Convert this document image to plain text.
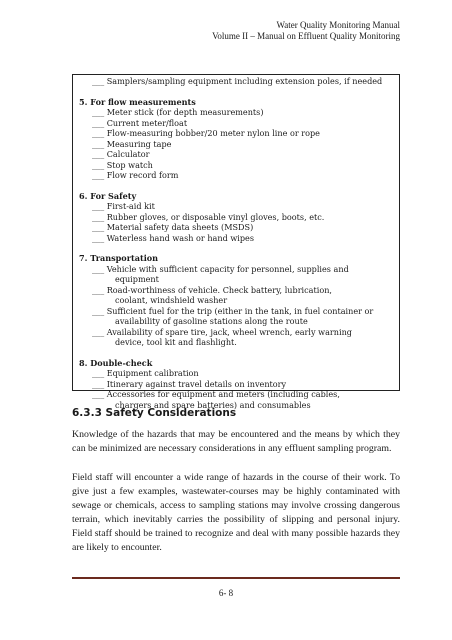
Water Quality Monitoring Manual
Volume II – Manual on Effluent Quality Monitoring
___ Samplers/sampling equipment including extension poles, if needed
5. For flow measurements
___ Meter stick (for depth measurements)
___ Current meter/float
___ Flow-measuring bobber/20 meter nylon line or rope
___ Measuring tape
___ Calculator
___ Stop watch
___ Flow record form
6. For Safety
___ First-aid kit
___ Rubber gloves, or disposable vinyl gloves, boots, etc.
___ Material safety data sheets (MSDS)
___ Waterless hand wash or hand wipes
7. Transportation
___ Vehicle with sufficient capacity for personnel, supplies and
equipment
___ Road-worthiness of vehicle. Check battery, lubrication,
coolant, windshield washer
___ Sufficient fuel for the trip (either in the tank, in fuel container or
availability of gasoline stations along the route
___ Availability of spare tire, jack, wheel wrench, early warning
device, tool kit and flashlight.
8. Double-check
___ Equipment calibration
___ Itinerary against travel details on inventory
___ Accessories for equipment and meters (including cables,
chargers and spare batteries) and consumables
6.3.3 Safety Considerations
Knowledge of the hazards that may be encountered and the means by which they can be minimized are necessary considerations in any effluent sampling program.
Field staff will encounter a wide range of hazards in the course of their work. To give just a few examples, wastewater-courses may be highly contaminated with sewage or chemicals, access to sampling stations may involve crossing dangerous terrain, which inevitably carries the possibility of slipping and personal injury. Field staff should be trained to recognize and deal with many possible hazards they are likely to encounter.
6- 8
